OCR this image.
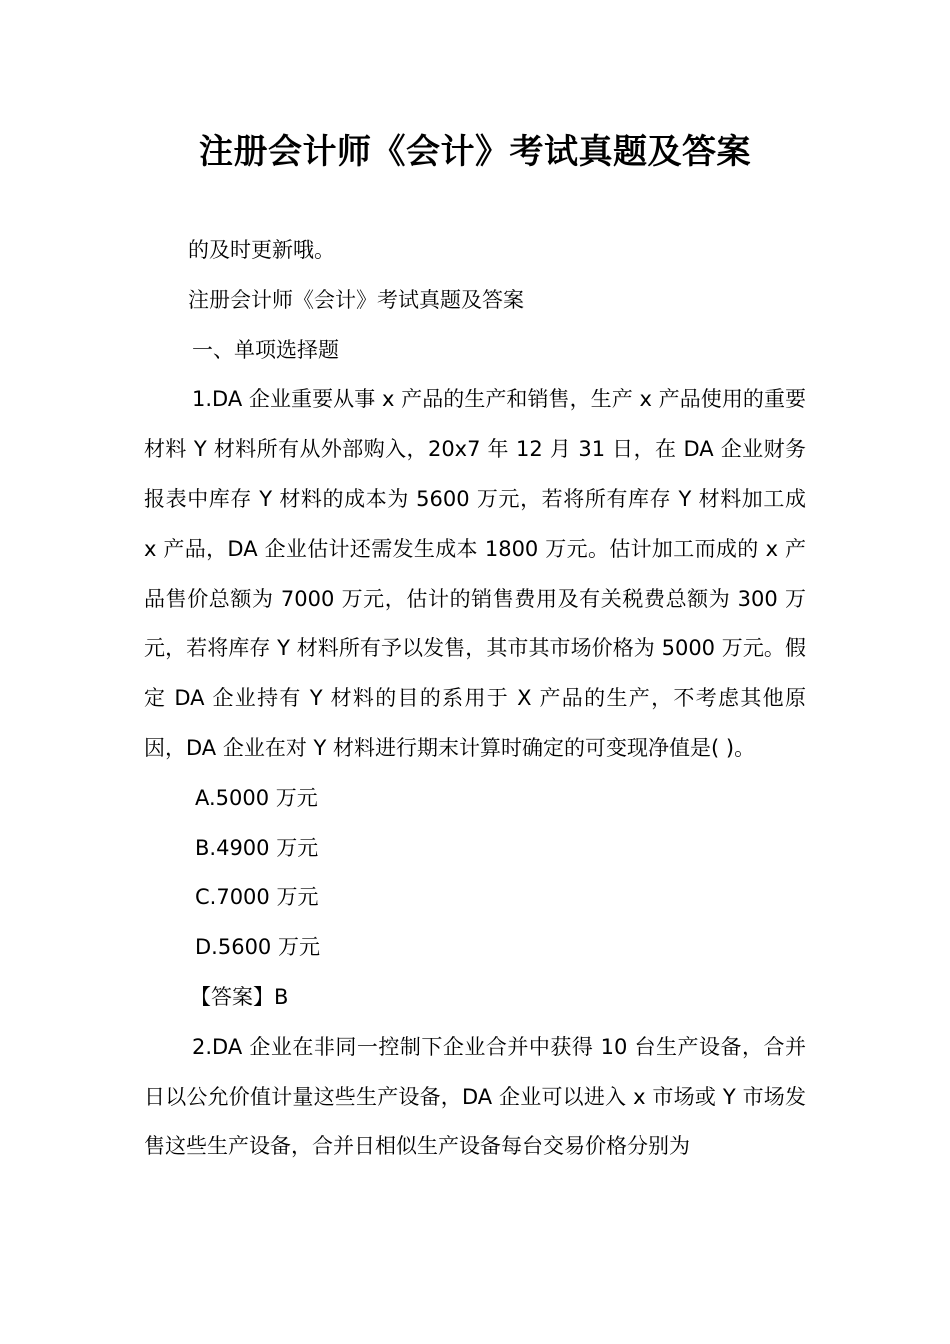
注册会计师《会计》考试真题及答案

的及时更新哦。

注册会计师《会计》考试真题及答案

一、单项选择题

1.DA 企业重要从事 x 产品的生产和销售，生产 x 产品使用的重要材料 Y 材料所有从外部购入，20x7 年 12 月 31 日，在 DA 企业财务报表中库存 Y 材料的成本为 5600 万元，若将所有库存 Y 材料加工成 x 产品，DA 企业估计还需发生成本 1800 万元。估计加工而成的 x 产品售价总额为 7000 万元，估计的销售费用及有关税费总额为 300 万元，若将库存 Y 材料所有予以发售，其市其市场价格为 5000 万元。假定 DA 企业持有 Y 材料的目的系用于 X 产品的生产，不考虑其他原因，DA 企业在对 Y 材料进行期末计算时确定的可变现净值是( )。

A.5000 万元

B.4900 万元

C.7000 万元

D.5600 万元

【答案】B

2.DA 企业在非同一控制下企业合并中获得 10 台生产设备，合并日以公允价值计量这些生产设备，DA 企业可以进入 x 市场或 Y 市场发售这些生产设备，合并日相似生产设备每台交易价格分别为
